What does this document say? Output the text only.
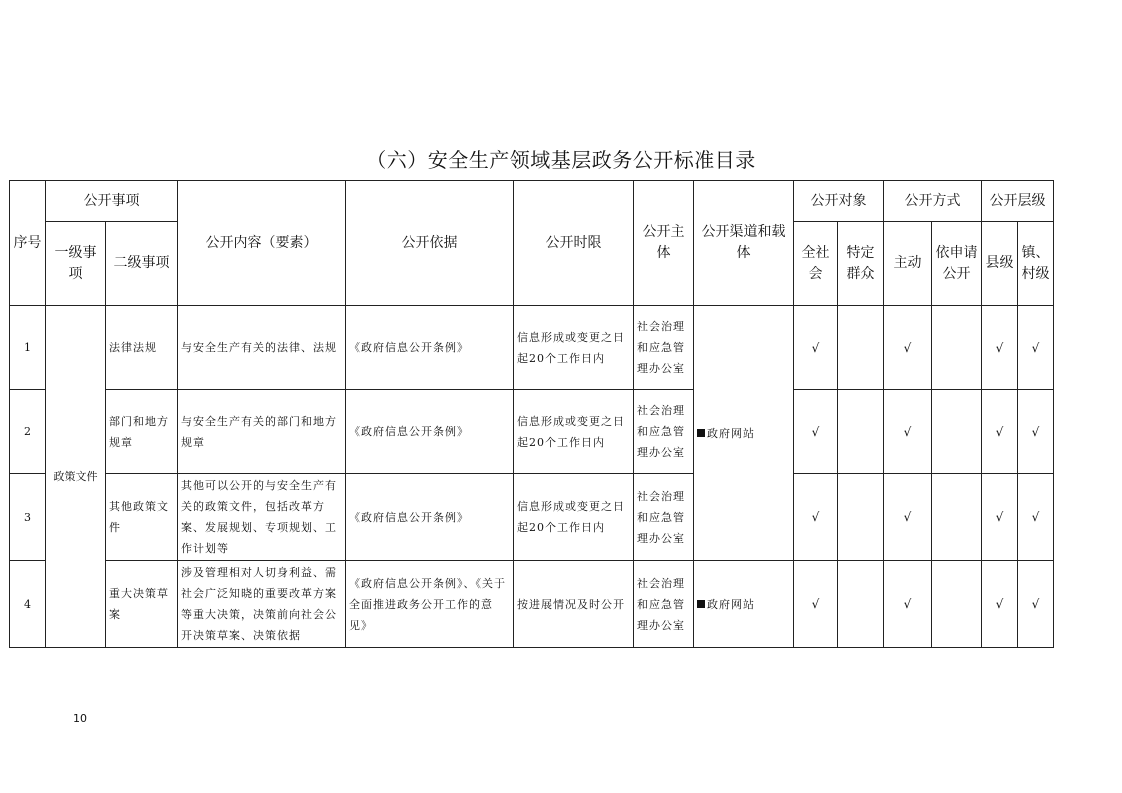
（六）安全生产领域基层政务公开标准目录
序号	公开事项		公开内容（要素）	公开依据	公开时限	公开主体	公开渠道和载体	公开对象		公开方式		公开层级	
	一级事项	二级事项						全社会	特定群众	主动	依申请公开	县级	镇、村级
1	政策文件	法律法规	与安全生产有关的法律、法规	《政府信息公开条例》	信息形成或变更之日起20个工作日内	社会治理和应急管理办公室	政府网站	√		√		√	√
2		部门和地方规章	与安全生产有关的部门和地方规章	《政府信息公开条例》	信息形成或变更之日起20个工作日内	社会治理和应急管理办公室		√		√		√	√
3		其他政策文件	其他可以公开的与安全生产有关的政策文件，包括改革方案、发展规划、专项规划、工作计划等	《政府信息公开条例》	信息形成或变更之日起20个工作日内	社会治理和应急管理办公室		√		√		√	√
4		重大决策草案	涉及管理相对人切身利益、需社会广泛知晓的重要改革方案等重大决策，决策前向社会公开决策草案、决策依据	《政府信息公开条例》、《关于全面推进政务公开工作的意见》	按进展情况及时公开	社会治理和应急管理办公室	政府网站	√		√		√	√
10
